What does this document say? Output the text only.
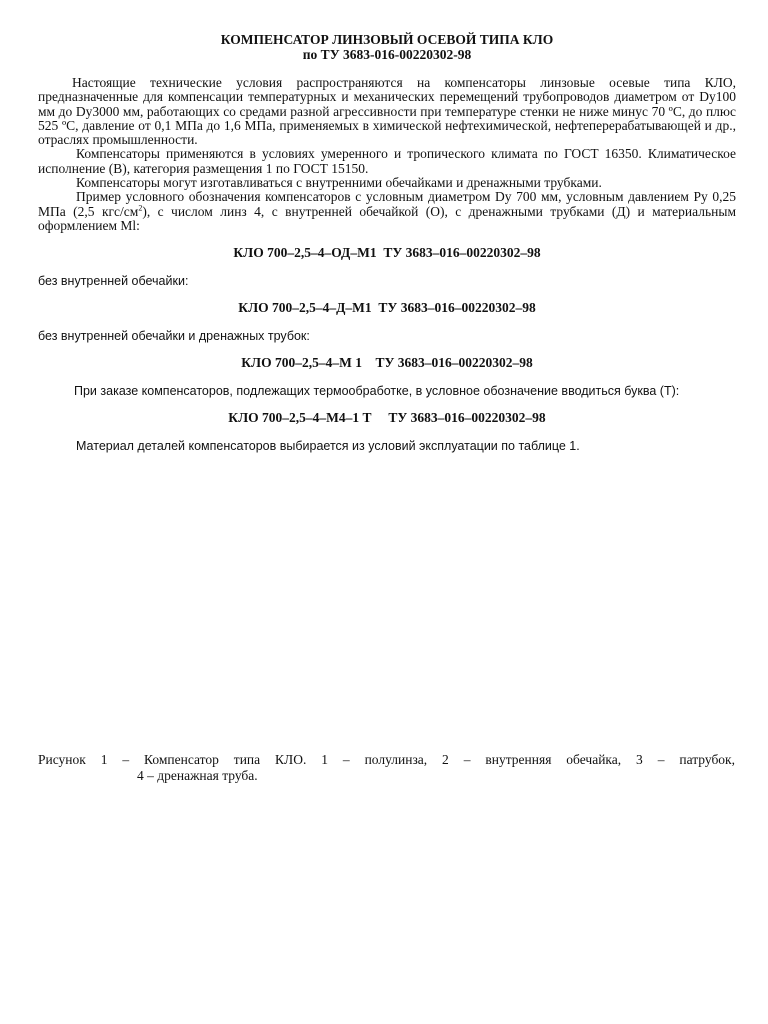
КОМПЕНСАТОР ЛИНЗОВЫЙ ОСЕВОЙ ТИПА КЛО
по ТУ 3683-016-00220302-98

Настоящие технические условия распространяются на компенсаторы линзовые осевые типа КЛО, предназначенные для компенсации температурных и механических перемещений трубопроводов диаметром от Dy100 мм до Dy3000 мм, работающих со средами разной агрессивности при температуре стенки не ниже минус 70 ºС, до плюс 525 ºС, давление от 0,1 МПа до 1,6 МПа, применяемых в химической нефтехимической, нефтеперерабатывающей и др., отраслях промышленности.

Компенсаторы применяются в условиях умеренного и тропического климата по ГОСТ 16350. Климатическое исполнение (В), категория размещения 1 по ГОСТ 15150.

Компенсаторы могут изготавливаться с внутренними обечайками и дренажными трубками.

Пример условного обозначения компенсаторов с условным диаметром Dy 700 мм, условным давлением Ру 0,25 МПа (2,5 кгс/$см^2$), с числом линз 4, с внутренней обечайкой (О), с дренажными трубками (Д) и материальным оформлением Ml:

КЛО 700–2,5–4–ОД–М1  ТУ 3683–016–00220302–98

без внутренней обечайки:

КЛО 700–2,5–4–Д–М1  ТУ 3683–016–00220302–98

без внутренней обечайки и дренажных трубок:

КЛО 700–2,5–4–М 1    ТУ 3683–016–00220302–98

При заказе компенсаторов, подлежащих термообработке, в условное обозначение вводиться буква (Т):

КЛО 700–2,5–4–М4–1 Т     ТУ 3683–016–00220302–98

Материал деталей компенсаторов выбирается из условий эксплуатации по таблице 1.

Рисунок 1 – Компенсатор типа КЛО. 1 – полулинза, 2 – внутренняя обечайка, 3 – патрубок,
4 – дренажная труба.
